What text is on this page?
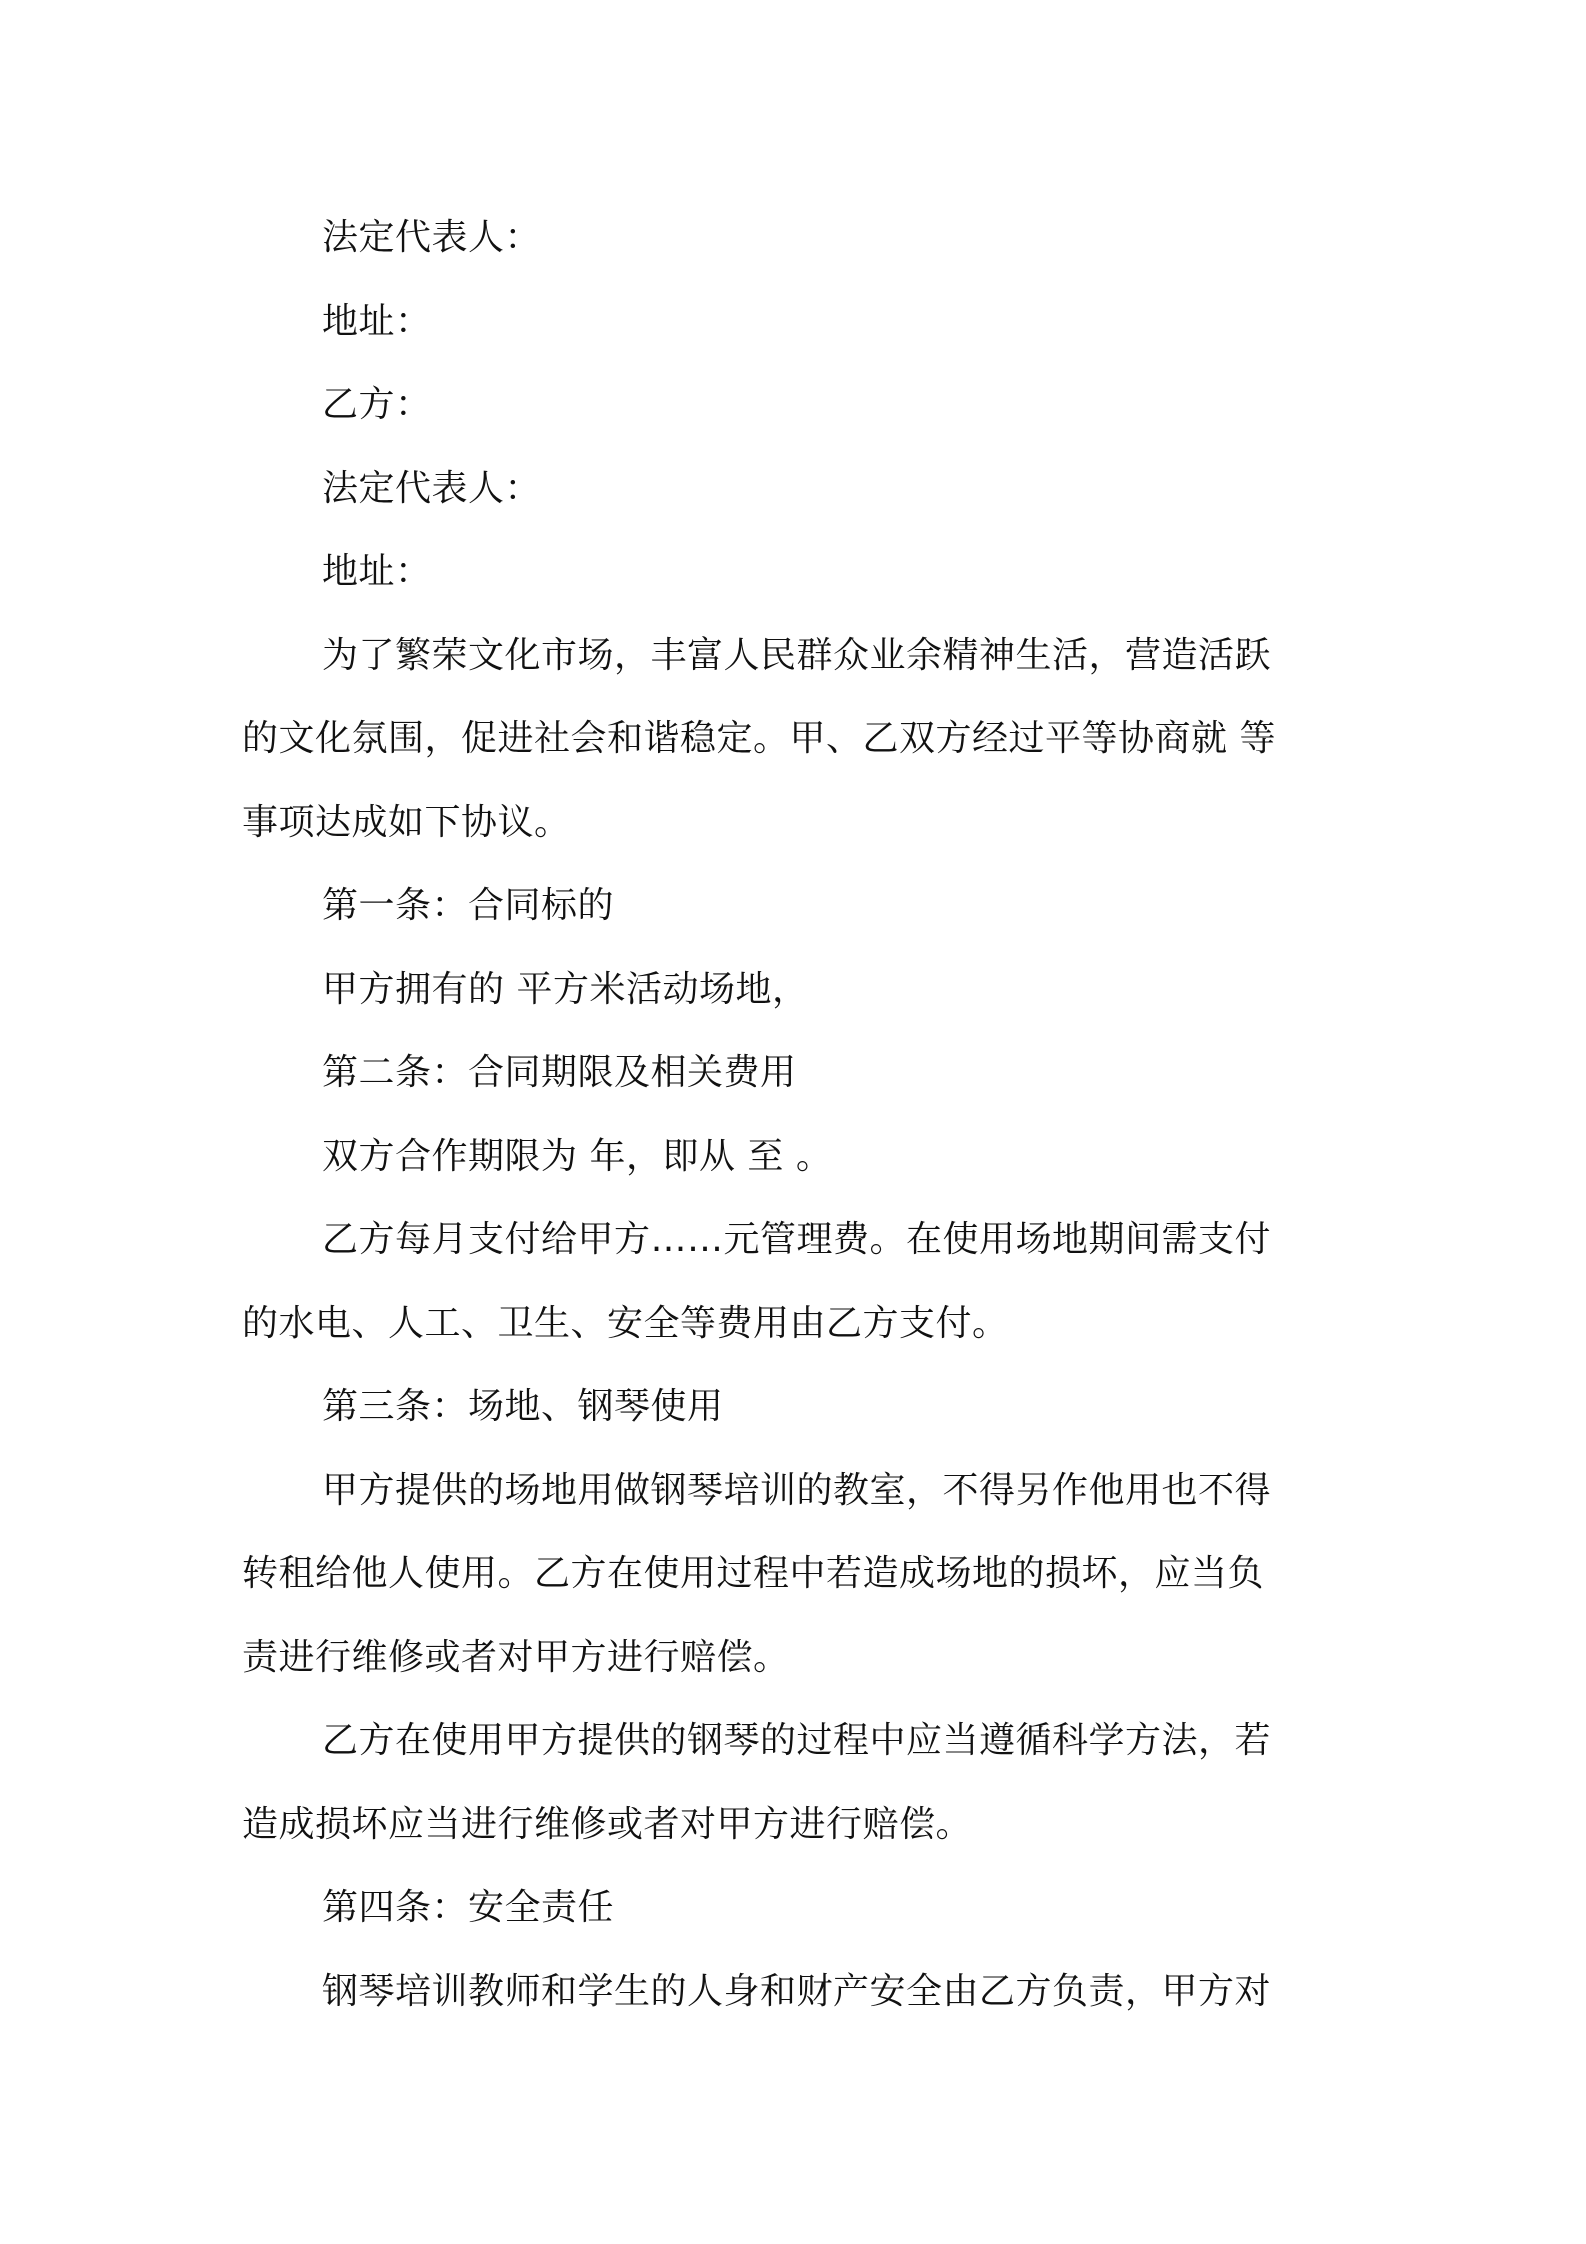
法定代表人：
地址：
乙方：
法定代表人：
地址：
为了繁荣文化市场，丰富人民群众业余精神生活，营造活跃
的文化氛围，促进社会和谐稳定。甲、乙双方经过平等协商就 等
事项达成如下协议。
第一条：合同标的
甲方拥有的 平方米活动场地，
第二条：合同期限及相关费用
双方合作期限为 年，即从 至 。
乙方每月支付给甲方……元管理费。在使用场地期间需支付
的水电、人工、卫生、安全等费用由乙方支付。
第三条：场地、钢琴使用
甲方提供的场地用做钢琴培训的教室，不得另作他用也不得
转租给他人使用。乙方在使用过程中若造成场地的损坏，应当负
责进行维修或者对甲方进行赔偿。
乙方在使用甲方提供的钢琴的过程中应当遵循科学方法，若
造成损坏应当进行维修或者对甲方进行赔偿。
第四条：安全责任
钢琴培训教师和学生的人身和财产安全由乙方负责，甲方对
